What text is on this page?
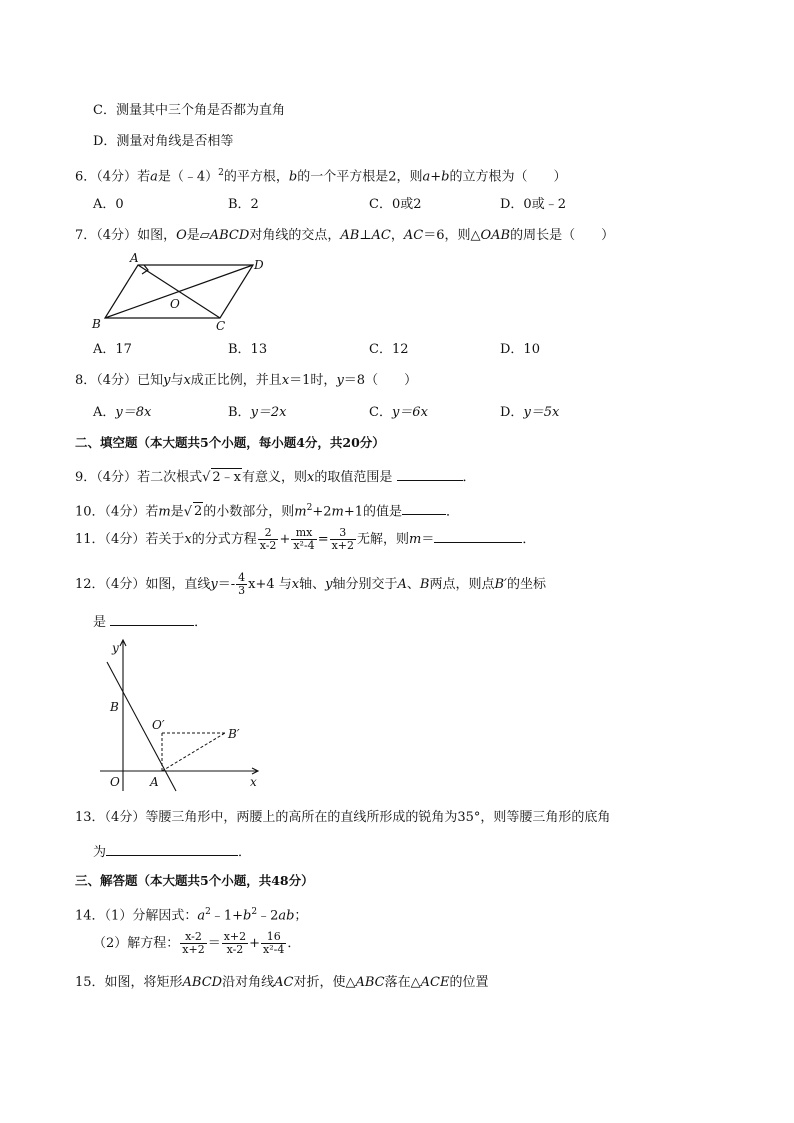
C．测量其中三个角是否都为直角
D．测量对角线是否相等
6．（4分）若a是（﹣4）$^2$的平方根，b的一个平方根是2，则a+b的立方根为（　　）
A．0	B．2	C．0或2	D．0或﹣2
7．（4分）如图，O是▱ABCD对角线的交点，AB⊥AC，AC＝6，则△OAB的周长是（　　）
A	D
B	C
O
A．17	B．13	C．12	D．10
8．（4分）已知y与x成正比例，并且x＝1时，y＝8（　　）
A．y＝8x	B．y＝2x	C．y＝6x	D．y＝5x
二、填空题（本大题共5个小题，每小题4分，共20分）
9．（4分）若二次根式√ 2﹣x有意义，则x的取值范围是	．
10．（4分）若m是√ 2的小数部分，则$m^2+2m+1$的值是	．
11．（4分）若关于x的分式方程 $\frac{2}{x-2} + \frac{mx}{\text{x²-4}} = \frac{3}{x+2}$ 无解，则m＝	．
12．（4分）如图，直线$y=- \frac{4}{3} x+4$ 与x轴、y轴分别交于A、B两点，则点B′的坐标
是	．
y
x
B
O	A
O′
B′
13．（4分）等腰三角形中，两腰上的高所在的直线所形成的锐角为35°，则等腰三角形的底角
为	．
三、解答题（本大题共5个小题，共48分）
14．（1）分解因式：$a^2﹣1+b^2﹣2ab$；
（2）解方程： $\frac{x-2}{x+2} = \frac{x+2}{x-2} + \frac{16}{\text{x²-4}}$ ．
15．如图，将矩形ABCD沿对角线AC对折，使△ABC落在△ACE的位置
